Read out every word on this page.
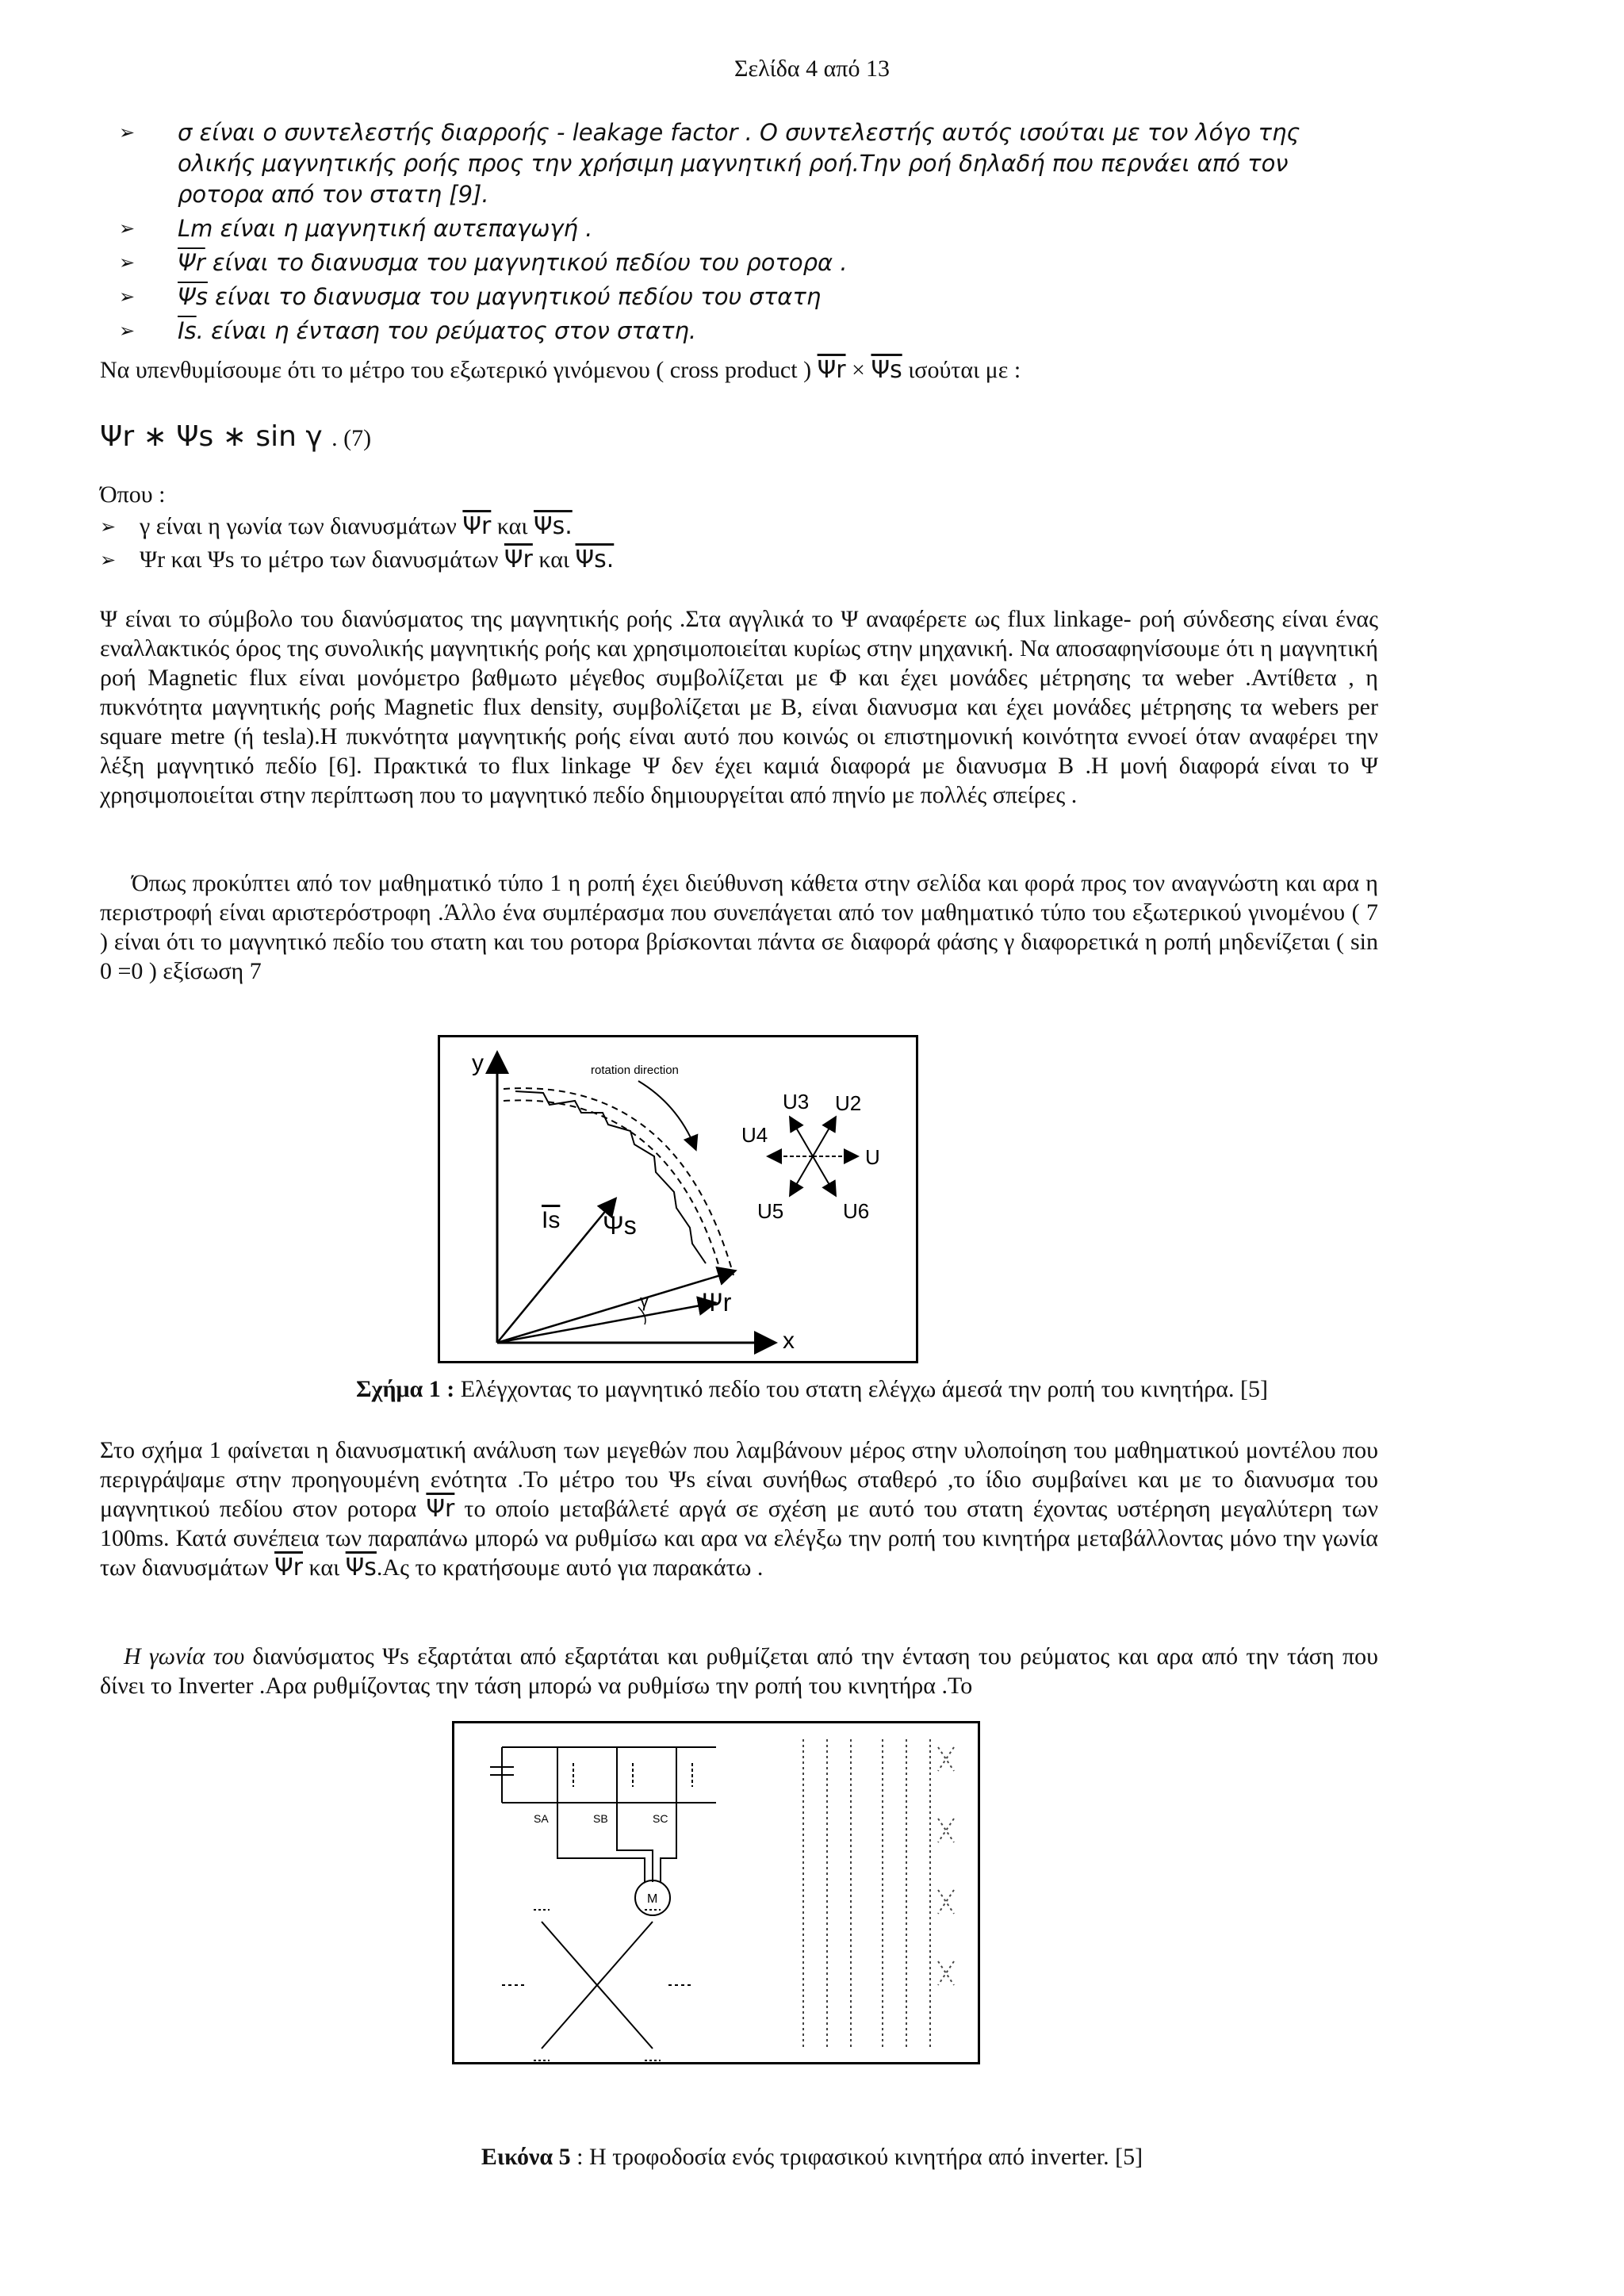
Σελίδα 4 από 13
➢ σ είναι ο συντελεστής διαρροής - leakage factor . Ο συντελεστής αυτός ισούται με τον λόγο της ολικής μαγνητικής ροής προς την χρήσιμη μαγνητική ροή.Την ροή δηλαδή που περνάει από τον ροτορα από τον στατη [9].
➢ Lm είναι η μαγνητική αυτεπαγωγή .
➢ $\overline{\Psi r}$ είναι το διανυσμα του μαγνητικού πεδίου του ροτορα .
➢ $\overline{\Psi s}$ είναι το διανυσμα του μαγνητικού πεδίου του στατη
➢ $\overline{Is}$. είναι η ένταση του ρεύματος στον στατη.
Να υπενθυμίσουμε ότι το μέτρο του εξωτερικό γινόμενου ( cross product ) $\overline{\Psi r} \times \overline{\Psi s}$ ισούται με :
Ψr ∗ Ψs ∗ sin γ . (7)
Όπου :
➢ γ είναι η γωνία των διανυσμάτων $\overline{\Psi r}$ και Ψs.
➢ Ψr και Ψs το μέτρο των διανυσμάτων $\overline{\Psi r}$ και Ψs.
Ψ είναι το σύμβολο του διανύσματος της μαγνητικής ροής .Στα αγγλικά το Ψ αναφέρετε ως flux linkage- ροή σύνδεσης είναι ένας εναλλακτικός όρος της συνολικής μαγνητικής ροής και χρησιμοποιείται κυρίως στην μηχανική. Να αποσαφηνίσουμε ότι η μαγνητική ροή Magnetic flux είναι μονόμετρο βαθμωτο μέγεθος συμβολίζεται με Φ και έχει μονάδες μέτρησης τα weber .Αντίθετα , η πυκνότητα μαγνητικής ροής Magnetic flux density, συμβολίζεται με B, είναι διανυσμα και έχει μονάδες μέτρησης τα webers per square metre (ή tesla).Η πυκνότητα μαγνητικής ροής είναι αυτό που κοινώς οι επιστημονική κοινότητα εννοεί όταν αναφέρει την λέξη μαγνητικό πεδίο [6]. Πρακτικά το flux linkage Ψ δεν έχει καμιά διαφορά με διανυσμα B .Η μονή διαφορά είναι το Ψ χρησιμοποιείται στην περίπτωση που το μαγνητικό πεδίο δημιουργείται από πηνίο με πολλές σπείρες .
Όπως προκύπτει από τον μαθηματικό τύπο 1 η ροπή έχει διεύθυνση κάθετα στην σελίδα και φορά προς τον αναγνώστη και αρα η περιστροφή είναι αριστερόστροφη .Άλλο ένα συμπέρασμα που συνεπάγεται από τον μαθηματικό τύπο του εξωτερικού γινομένου ( 7 ) είναι ότι το μαγνητικό πεδίο του στατη και του ροτορα βρίσκονται πάντα σε διαφορά φάσης γ διαφορετικά η ροπή μηδενίζεται ( sin 0 =0 ) εξίσωση 7
y
x
rotation direction
Is Ψs
Ψr
γ
U
U2
U3
U4
U5	U6
Σχήμα 1 : Ελέγχοντας το μαγνητικό πεδίο του στατη ελέγχω άμεσά την ροπή του κινητήρα. [5]
Στο σχήμα 1 φαίνεται η διανυσματική ανάλυση των μεγεθών που λαμβάνουν μέρος στην υλοποίηση του μαθηματικού μοντέλου που περιγράψαμε στην προηγουμένη ενότητα .Το μέτρο του Ψs είναι συνήθως σταθερό ,το ίδιο συμβαίνει και με το διανυσμα του μαγνητικού πεδίου στον ροτορα $\overline{\Psi r}$ το οποίο μεταβάλετέ αργά σε σχέση με αυτό του στατη έχοντας υστέρηση μεγαλύτερη των 100ms. Κατά συνέπεια των παραπάνω μπορώ να ρυθμίσω και αρα να ελέγξω την ροπή του κινητήρα μεταβάλλοντας μόνο την γωνία των διανυσμάτων $\overline{\Psi r}$ και $\overline{\Psi s}.A\varsigma$ το κρατήσουμε αυτό για παρακάτω .
Η γωνία του διανύσματος Ψs εξαρτάται από εξαρτάται και ρυθμίζεται από την ένταση του ρεύματος και αρα από την τάση που δίνει το Inverter .Αρα ρυθμίζοντας την τάση μπορώ να ρυθμίσω την ροπή του κινητήρα .Το
SA	SB	SC
M
Εικόνα 5 : Η τροφοδοσία ενός τριφασικού κινητήρα από inverter. [5]
